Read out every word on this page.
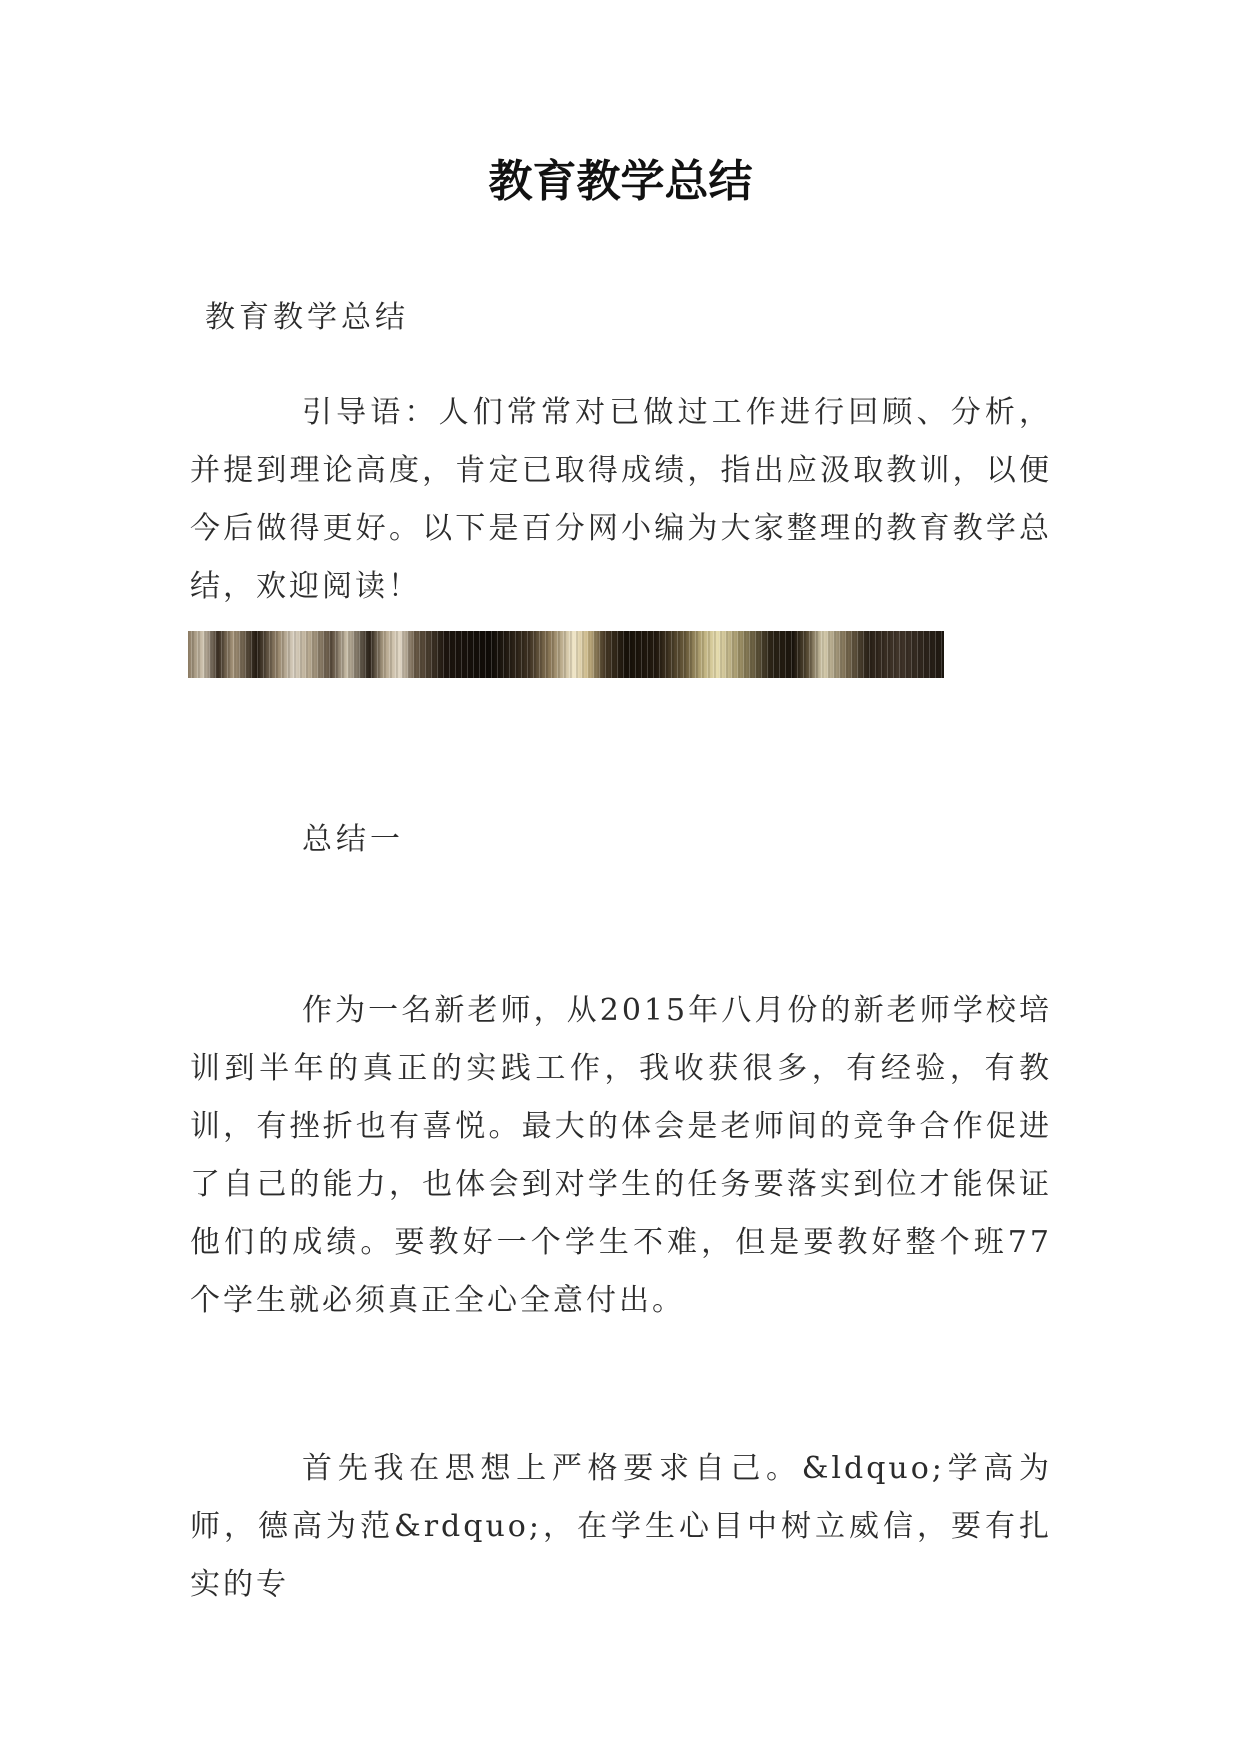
教育教学总结

教育教学总结

引导语：人们常常对已做过工作进行回顾、分析，并提到理论高度，肯定已取得成绩，指出应汲取教训，以便今后做得更好。以下是百分网小编为大家整理的教育教学总结，欢迎阅读！

总结一

作为一名新老师，从2015年八月份的新老师学校培训到半年的真正的实践工作，我收获很多，有经验，有教训，有挫折也有喜悦。最大的体会是老师间的竞争合作促进了自己的能力，也体会到对学生的任务要落实到位才能保证他们的成绩。要教好一个学生不难，但是要教好整个班77个学生就必须真正全心全意付出。

首先我在思想上严格要求自己。&ldquo;学高为师，德高为范&rdquo;，在学生心目中树立威信，要有扎实的专
